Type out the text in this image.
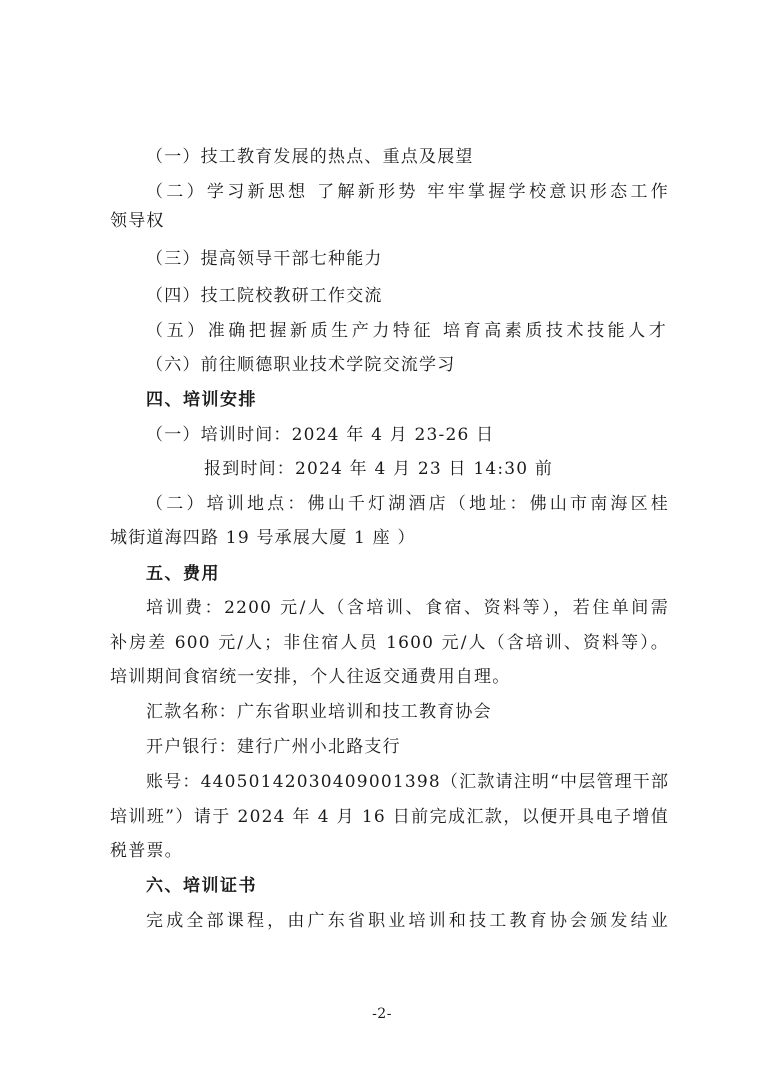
（一）技工教育发展的热点、重点及展望
（二）学习新思想 了解新形势 牢牢掌握学校意识形态工作
领导权
（三）提高领导干部七种能力
（四）技工院校教研工作交流
（五）准确把握新质生产力特征 培育高素质技术技能人才
（六）前往顺德职业技术学院交流学习
四、培训安排
（一）培训时间：2024 年 4 月 23-26 日
报到时间：2024 年 4 月 23 日 14:30 前
（二）培训地点：佛山千灯湖酒店（地址：佛山市南海区桂
城街道海四路 19 号承展大厦 1 座 ）
五、费用
培训费：2200 元/人（含培训、食宿、资料等），若住单间需
补房差 600 元/人；非住宿人员 1600 元/人（含培训、资料等）。
培训期间食宿统一安排，个人往返交通费用自理。
汇款名称：广东省职业培训和技工教育协会
开户银行：建行广州小北路支行
账号：44050142030409001398（汇款请注明“中层管理干部
培训班”）请于 2024 年 4 月 16 日前完成汇款，以便开具电子增值
税普票。
六、培训证书
完成全部课程，由广东省职业培训和技工教育协会颁发结业
-2-
